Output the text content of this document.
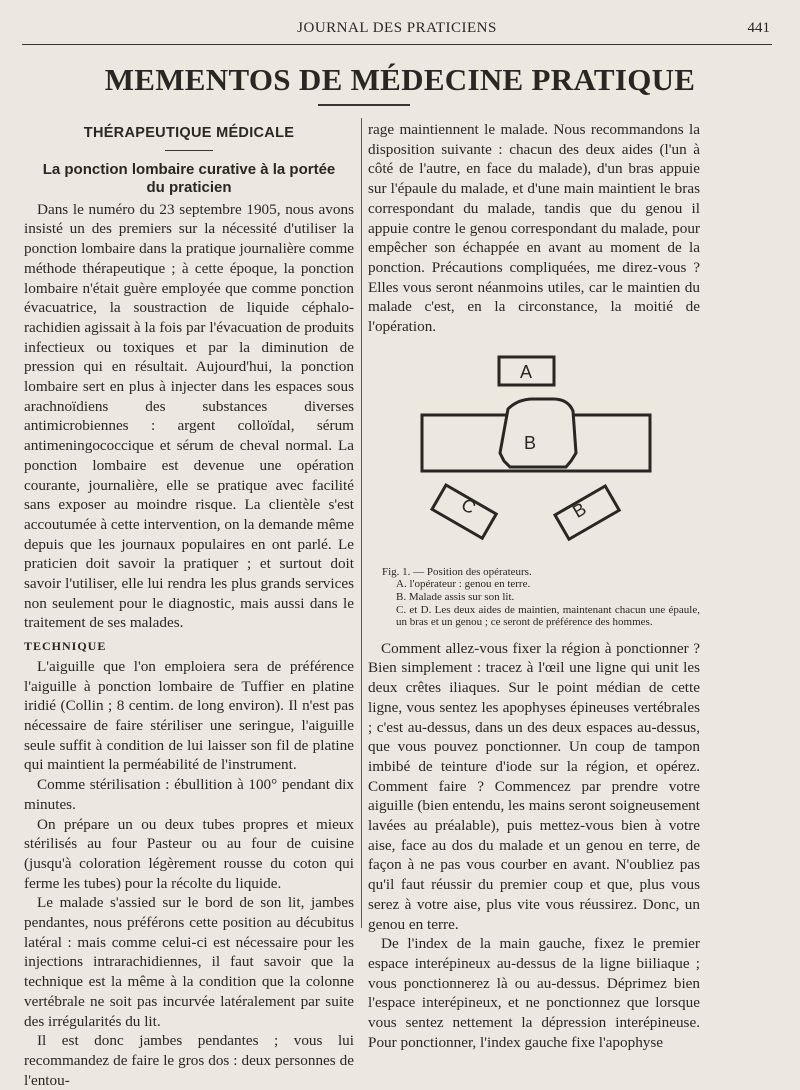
JOURNAL DES PRATICIENS	441
MEMENTOS DE MÉDECINE PRATIQUE
THÉRAPEUTIQUE MÉDICALE
La ponction lombaire curative à la portée du praticien

Dans le numéro du 23 septembre 1905, nous avons insisté un des premiers sur la nécessité d'utiliser la ponction lombaire dans la pratique journalière comme méthode thérapeutique ; à cette époque, la ponction lombaire n'était guère employée que comme ponction évacuatrice, la soustraction de liquide céphalo-rachidien agissait à la fois par l'évacuation de produits infectieux ou toxiques et par la diminution de pression qui en résultait. Aujourd'hui, la ponction lombaire sert en plus à injecter dans les espaces sous arachnoïdiens des substances diverses antimicrobiennes : argent colloïdal, sérum antimeningococcique et sérum de cheval normal. La ponction lombaire est devenue une opération courante, journalière, elle se pratique avec facilité sans exposer au moindre risque. La clientèle s'est accoutumée à cette intervention, on la demande même depuis que les journaux populaires en ont parlé. Le praticien doit savoir la pratiquer ; et surtout doit savoir l'utiliser, elle lui rendra les plus grands services non seulement pour le diagnostic, mais aussi dans le traitement de ses malades.

TECHNIQUE

L'aiguille que l'on emploiera sera de préférence l'aiguille à ponction lombaire de Tuffier en platine iridié (Collin ; 8 centim. de long environ). Il n'est pas nécessaire de faire stériliser une seringue, l'aiguille seule suffit à condition de lui laisser son fil de platine qui maintient la perméabilité de l'instrument.

Comme stérilisation : ébullition à 100° pendant dix minutes.

On prépare un ou deux tubes propres et mieux stérilisés au four Pasteur ou au four de cuisine (jusqu'à coloration légèrement rousse du coton qui ferme les tubes) pour la récolte du liquide.

Le malade s'assied sur le bord de son lit, jambes pendantes, nous préférons cette position au décubitus latéral : mais comme celui-ci est nécessaire pour les injections intrarachidiennes, il faut savoir que la technique est la même à la condition que la colonne vertébrale ne soit pas incurvée latéralement par suite des irrégularités du lit.

Il est donc jambes pendantes ; vous lui recommandez de faire le gros dos : deux personnes de l'entou-

rage maintiennent le malade. Nous recommandons la disposition suivante : chacun des deux aides (l'un à côté de l'autre, en face du malade), d'un bras appuie sur l'épaule du malade, et d'une main maintient le bras correspondant du malade, tandis que du genou il appuie contre le genou correspondant du malade, pour empêcher son échappée en avant au moment de la ponction. Précautions compliquées, me direz-vous ? Elles vous seront néanmoins utiles, car le maintien du malade c'est, en la circonstance, la moitié de l'opération.

A
B
C	B
Fig. 1. — Position des opérateurs.
A. l'opérateur : genou en terre.
B. Malade assis sur son lit.
C. et D. Les deux aides de maintien, maintenant chacun une épaule, un bras et un genou ; ce seront de préférence des hommes.

Comment allez-vous fixer la région à ponctionner ? Bien simplement : tracez à l'œil une ligne qui unit les deux crêtes iliaques. Sur le point médian de cette ligne, vous sentez les apophyses épineuses vertébrales ; c'est au-dessus, dans un des deux espaces au-dessus, que vous pouvez ponctionner. Un coup de tampon imbibé de teinture d'iode sur la région, et opérez. Comment faire ? Commencez par prendre votre aiguille (bien entendu, les mains seront soigneusement lavées au préalable), puis mettez-vous bien à votre aise, face au dos du malade et un genou en terre, de façon à ne pas vous courber en avant. N'oubliez pas qu'il faut réussir du premier coup et que, plus vous serez à votre aise, plus vite vous réussirez. Donc, un genou en terre.

De l'index de la main gauche, fixez le premier espace interépineux au-dessus de la ligne biiliaque ; vous ponctionnerez là ou au-dessus. Déprimez bien l'espace interépineux, et ne ponctionnez que lorsque vous sentez nettement la dépression interépineuse. Pour ponctionner, l'index gauche fixe l'apophyse
